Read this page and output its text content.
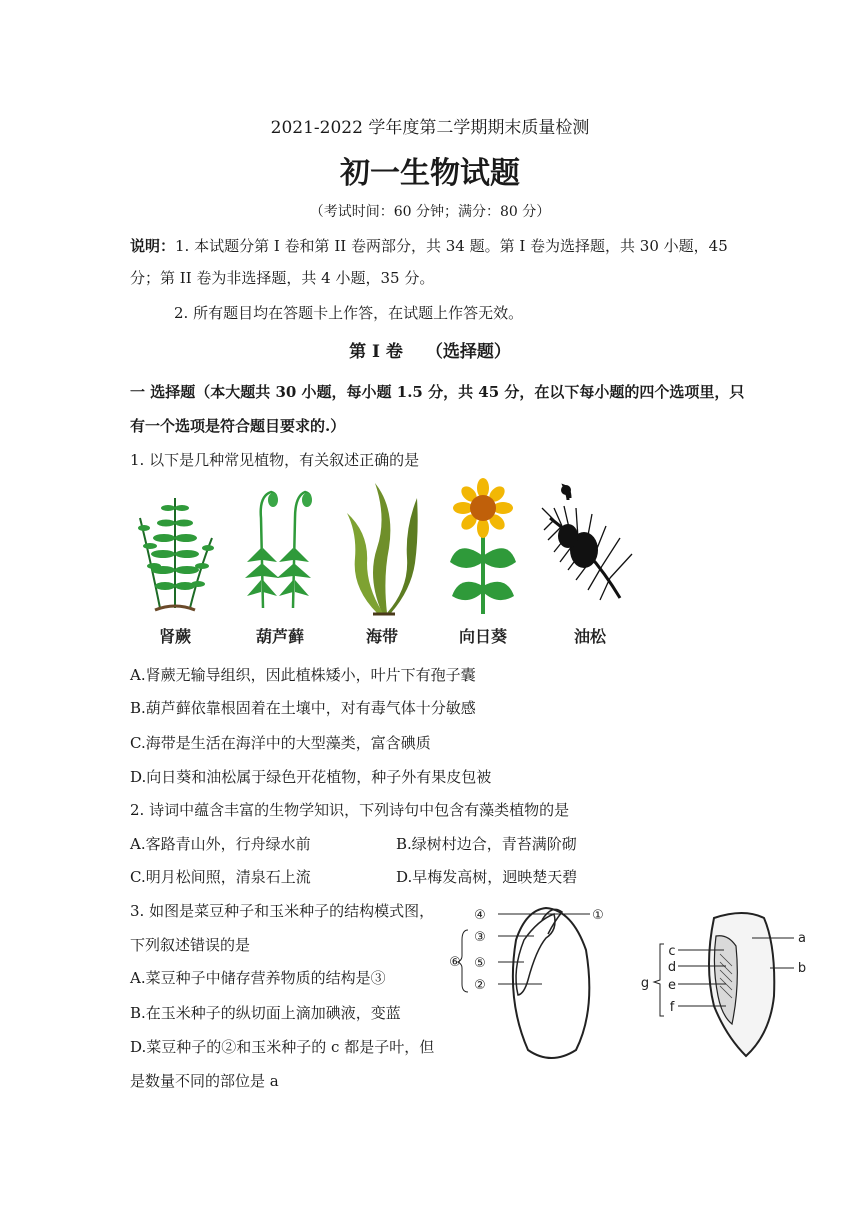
2021-2022 学年度第二学期期末质量检测
初一生物试题
（考试时间：60 分钟；满分：80 分）
说明：1. 本试题分第 I 卷和第 II 卷两部分，共 34 题。第 I 卷为选择题，共 30 小题，45
分；第 II 卷为非选择题，共 4 小题，35 分。
2. 所有题目均在答题卡上作答，在试题上作答无效。
第 I 卷　 （选择题）
一 选择题（本大题共 30 小题，每小题 1.5 分，共 45 分，在以下每小题的四个选项里，只
有一个选项是符合题目要求的.）
1. 以下是几种常见植物，有关叙述正确的是
肾蕨	葫芦藓	海带	向日葵	油松
A.肾蕨无输导组织，因此植株矮小，叶片下有孢子囊
B.葫芦藓依靠根固着在土壤中，对有毒气体十分敏感
C.海带是生活在海洋中的大型藻类，富含碘质
D.向日葵和油松属于绿色开花植物，种子外有果皮包被
2. 诗词中蕴含丰富的生物学知识，下列诗句中包含有藻类植物的是
A.客路青山外，行舟绿水前	B.绿树村边合，青苔满阶砌
C.明月松间照，清泉石上流	D.早梅发高树，迥映楚天碧
3. 如图是菜豆种子和玉米种子的结构模式图，
下列叙述错误的是
A.菜豆种子中储存营养物质的结构是③
B.在玉米种子的纵切面上滴加碘液，变蓝
D.菜豆种子的②和玉米种子的 c 都是子叶，但
是数量不同的部位是 a
④
③
⑥ ⑤
②
①
c
d
g e
f
a
b
